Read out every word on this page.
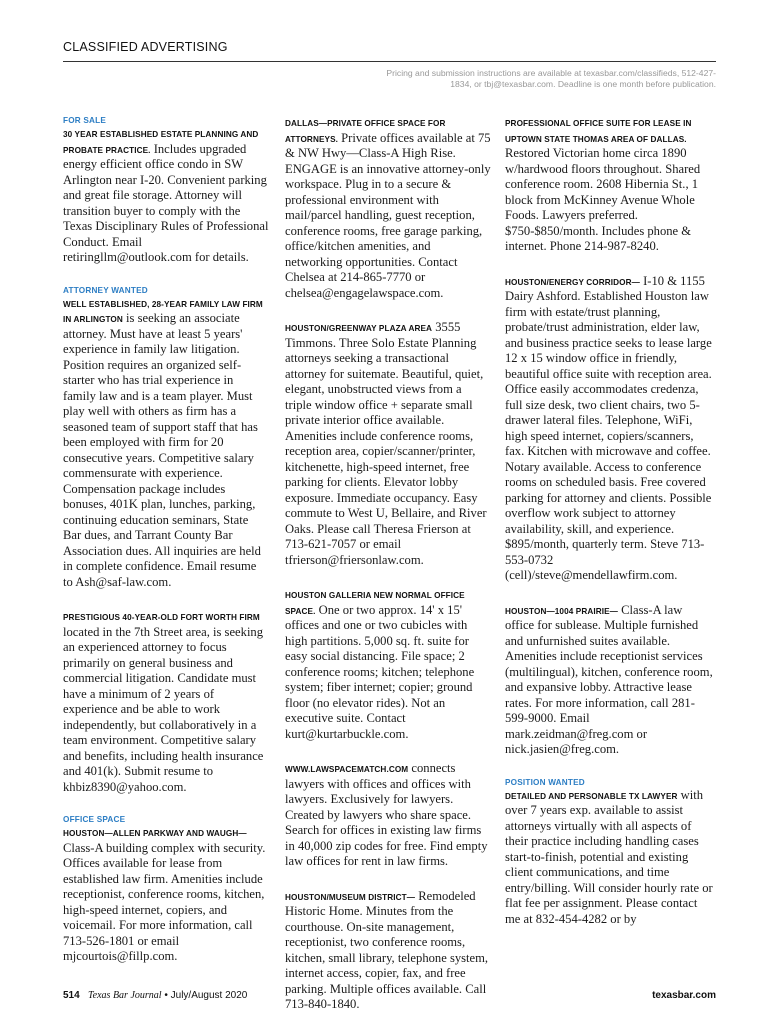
CLASSIFIED ADVERTISING
Pricing and submission instructions are available at texasbar.com/classifieds, 512-427-1834, or tbj@texasbar.com. Deadline is one month before publication.
FOR SALE
30 YEAR ESTABLISHED ESTATE PLANNING AND PROBATE PRACTICE. Includes upgraded energy efficient office condo in SW Arlington near I-20. Convenient parking and great file storage. Attorney will transition buyer to comply with the Texas Disciplinary Rules of Professional Conduct. Email retiringllm@outlook.com for details.
ATTORNEY WANTED
WELL ESTABLISHED, 28-YEAR FAMILY LAW FIRM IN ARLINGTON is seeking an associate attorney. Must have at least 5 years' experience in family law litigation. Position requires an organized self-starter who has trial experience in family law and is a team player. Must play well with others as firm has a seasoned team of support staff that has been employed with firm for 20 consecutive years. Competitive salary commensurate with experience. Compensation package includes bonuses, 401K plan, lunches, parking, continuing education seminars, State Bar dues, and Tarrant County Bar Association dues. All inquiries are held in complete confidence. Email resume to Ash@saf-law.com.
PRESTIGIOUS 40-YEAR-OLD FORT WORTH FIRM located in the 7th Street area, is seeking an experienced attorney to focus primarily on general business and commercial litigation. Candidate must have a minimum of 2 years of experience and be able to work independently, but collaboratively in a team environment. Competitive salary and benefits, including health insurance and 401(k). Submit resume to khbiz8390@yahoo.com.
OFFICE SPACE
HOUSTON—ALLEN PARKWAY AND WAUGH— Class-A building complex with security. Offices available for lease from established law firm. Amenities include receptionist, conference rooms, kitchen, high-speed internet, copiers, and voicemail. For more information, call 713-526-1801 or email mjcourtois@fillp.com.
DALLAS—PRIVATE OFFICE SPACE FOR ATTORNEYS. Private offices available at 75 & NW Hwy—Class-A High Rise. ENGAGE is an innovative attorney-only workspace. Plug in to a secure & professional environment with mail/parcel handling, guest reception, conference rooms, free garage parking, office/kitchen amenities, and networking opportunities. Contact Chelsea at 214-865-7770 or chelsea@engagelawspace.com.
HOUSTON/GREENWAY PLAZA AREA 3555 Timmons. Three Solo Estate Planning attorneys seeking a transactional attorney for suitemate. Beautiful, quiet, elegant, unobstructed views from a triple window office + separate small private interior office available. Amenities include conference rooms, reception area, copier/scanner/printer, kitchenette, high-speed internet, free parking for clients. Elevator lobby exposure. Immediate occupancy. Easy commute to West U, Bellaire, and River Oaks. Please call Theresa Frierson at 713-621-7057 or email tfrierson@friersonlaw.com.
HOUSTON GALLERIA NEW NORMAL OFFICE SPACE. One or two approx. 14' x 15' offices and one or two cubicles with high partitions. 5,000 sq. ft. suite for easy social distancing. File space; 2 conference rooms; kitchen; telephone system; fiber internet; copier; ground floor (no elevator rides). Not an executive suite. Contact kurt@kurtarbuckle.com.
WWW.LAWSPACEMATCH.COM connects lawyers with offices and offices with lawyers. Exclusively for lawyers. Created by lawyers who share space. Search for offices in existing law firms in 40,000 zip codes for free. Find empty law offices for rent in law firms.
HOUSTON/MUSEUM DISTRICT— Remodeled Historic Home. Minutes from the courthouse. On-site management, receptionist, two conference rooms, kitchen, small library, telephone system, internet access, copier, fax, and free parking. Multiple offices available. Call 713-840-1840.
PROFESSIONAL OFFICE SUITE FOR LEASE IN UPTOWN STATE THOMAS AREA OF DALLAS. Restored Victorian home circa 1890 w/hardwood floors throughout. Shared conference room. 2608 Hibernia St., 1 block from McKinney Avenue Whole Foods. Lawyers preferred. $750-$850/month. Includes phone & internet. Phone 214-987-8240.
HOUSTON/ENERGY CORRIDOR— I-10 & 1155 Dairy Ashford. Established Houston law firm with estate/trust planning, probate/trust administration, elder law, and business practice seeks to lease large 12 x 15 window office in friendly, beautiful office suite with reception area. Office easily accommodates credenza, full size desk, two client chairs, two 5-drawer lateral files. Telephone, WiFi, high speed internet, copiers/scanners, fax. Kitchen with microwave and coffee. Notary available. Access to conference rooms on scheduled basis. Free covered parking for attorney and clients. Possible overflow work subject to attorney availability, skill, and experience. $895/month, quarterly term. Steve 713-553-0732 (cell)/steve@mendellawfirm.com.
HOUSTON—1004 PRAIRIE— Class-A law office for sublease. Multiple furnished and unfurnished suites available. Amenities include receptionist services (multilingual), kitchen, conference room, and expansive lobby. Attractive lease rates. For more information, call 281-599-9000. Email mark.zeidman@freg.com or nick.jasien@freg.com.
POSITION WANTED
DETAILED AND PERSONABLE TX LAWYER with over 7 years exp. available to assist attorneys virtually with all aspects of their practice including handling cases start-to-finish, potential and existing client communications, and time entry/billing. Will consider hourly rate or flat fee per assignment. Please contact me at 832-454-4282 or by
514 Texas Bar Journal • July/August 2020	texasbar.com
